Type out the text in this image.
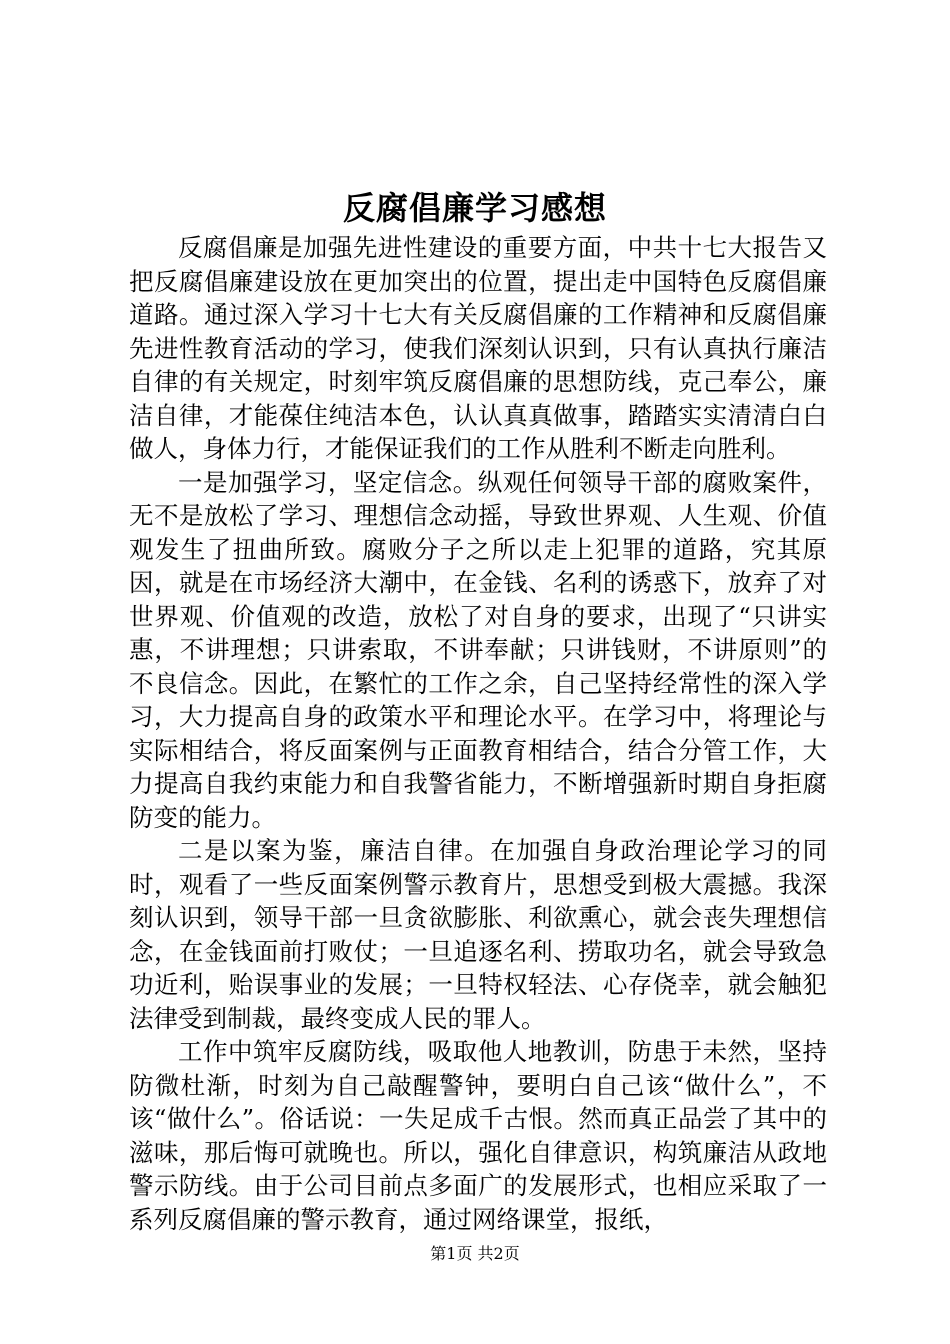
反腐倡廉学习感想

反腐倡廉是加强先进性建设的重要方面，中共十七大报告又把反腐倡廉建设放在更加突出的位置，提出走中国特色反腐倡廉道路。通过深入学习十七大有关反腐倡廉的工作精神和反腐倡廉先进性教育活动的学习，使我们深刻认识到，只有认真执行廉洁自律的有关规定，时刻牢筑反腐倡廉的思想防线，克己奉公，廉洁自律，才能葆住纯洁本色，认认真真做事，踏踏实实清清白白做人，身体力行，才能保证我们的工作从胜利不断走向胜利。

一是加强学习，坚定信念。纵观任何领导干部的腐败案件，无不是放松了学习、理想信念动摇，导致世界观、人生观、价值观发生了扭曲所致。腐败分子之所以走上犯罪的道路，究其原因，就是在市场经济大潮中，在金钱、名利的诱惑下，放弃了对世界观、价值观的改造，放松了对自身的要求，出现了“只讲实惠，不讲理想；只讲索取，不讲奉献；只讲钱财，不讲原则”的不良信念。因此，在繁忙的工作之余，自己坚持经常性的深入学习，大力提高自身的政策水平和理论水平。在学习中，将理论与实际相结合，将反面案例与正面教育相结合，结合分管工作，大力提高自我约束能力和自我警省能力，不断增强新时期自身拒腐防变的能力。

二是以案为鉴，廉洁自律。在加强自身政治理论学习的同时，观看了一些反面案例警示教育片，思想受到极大震撼。我深刻认识到，领导干部一旦贪欲膨胀、利欲熏心，就会丧失理想信念，在金钱面前打败仗；一旦追逐名利、捞取功名，就会导致急功近利，贻误事业的发展；一旦特权轻法、心存侥幸，就会触犯法律受到制裁，最终变成人民的罪人。

工作中筑牢反腐防线，吸取他人地教训，防患于未然，坚持防微杜渐，时刻为自己敲醒警钟，要明白自己该“做什么”，不该“做什么”。俗话说：一失足成千古恨。然而真正品尝了其中的滋味，那后悔可就晚也。所以，强化自律意识，构筑廉洁从政地警示防线。由于公司目前点多面广的发展形式，也相应采取了一系列反腐倡廉的警示教育，通过网络课堂，报纸，

第1页 共2页
